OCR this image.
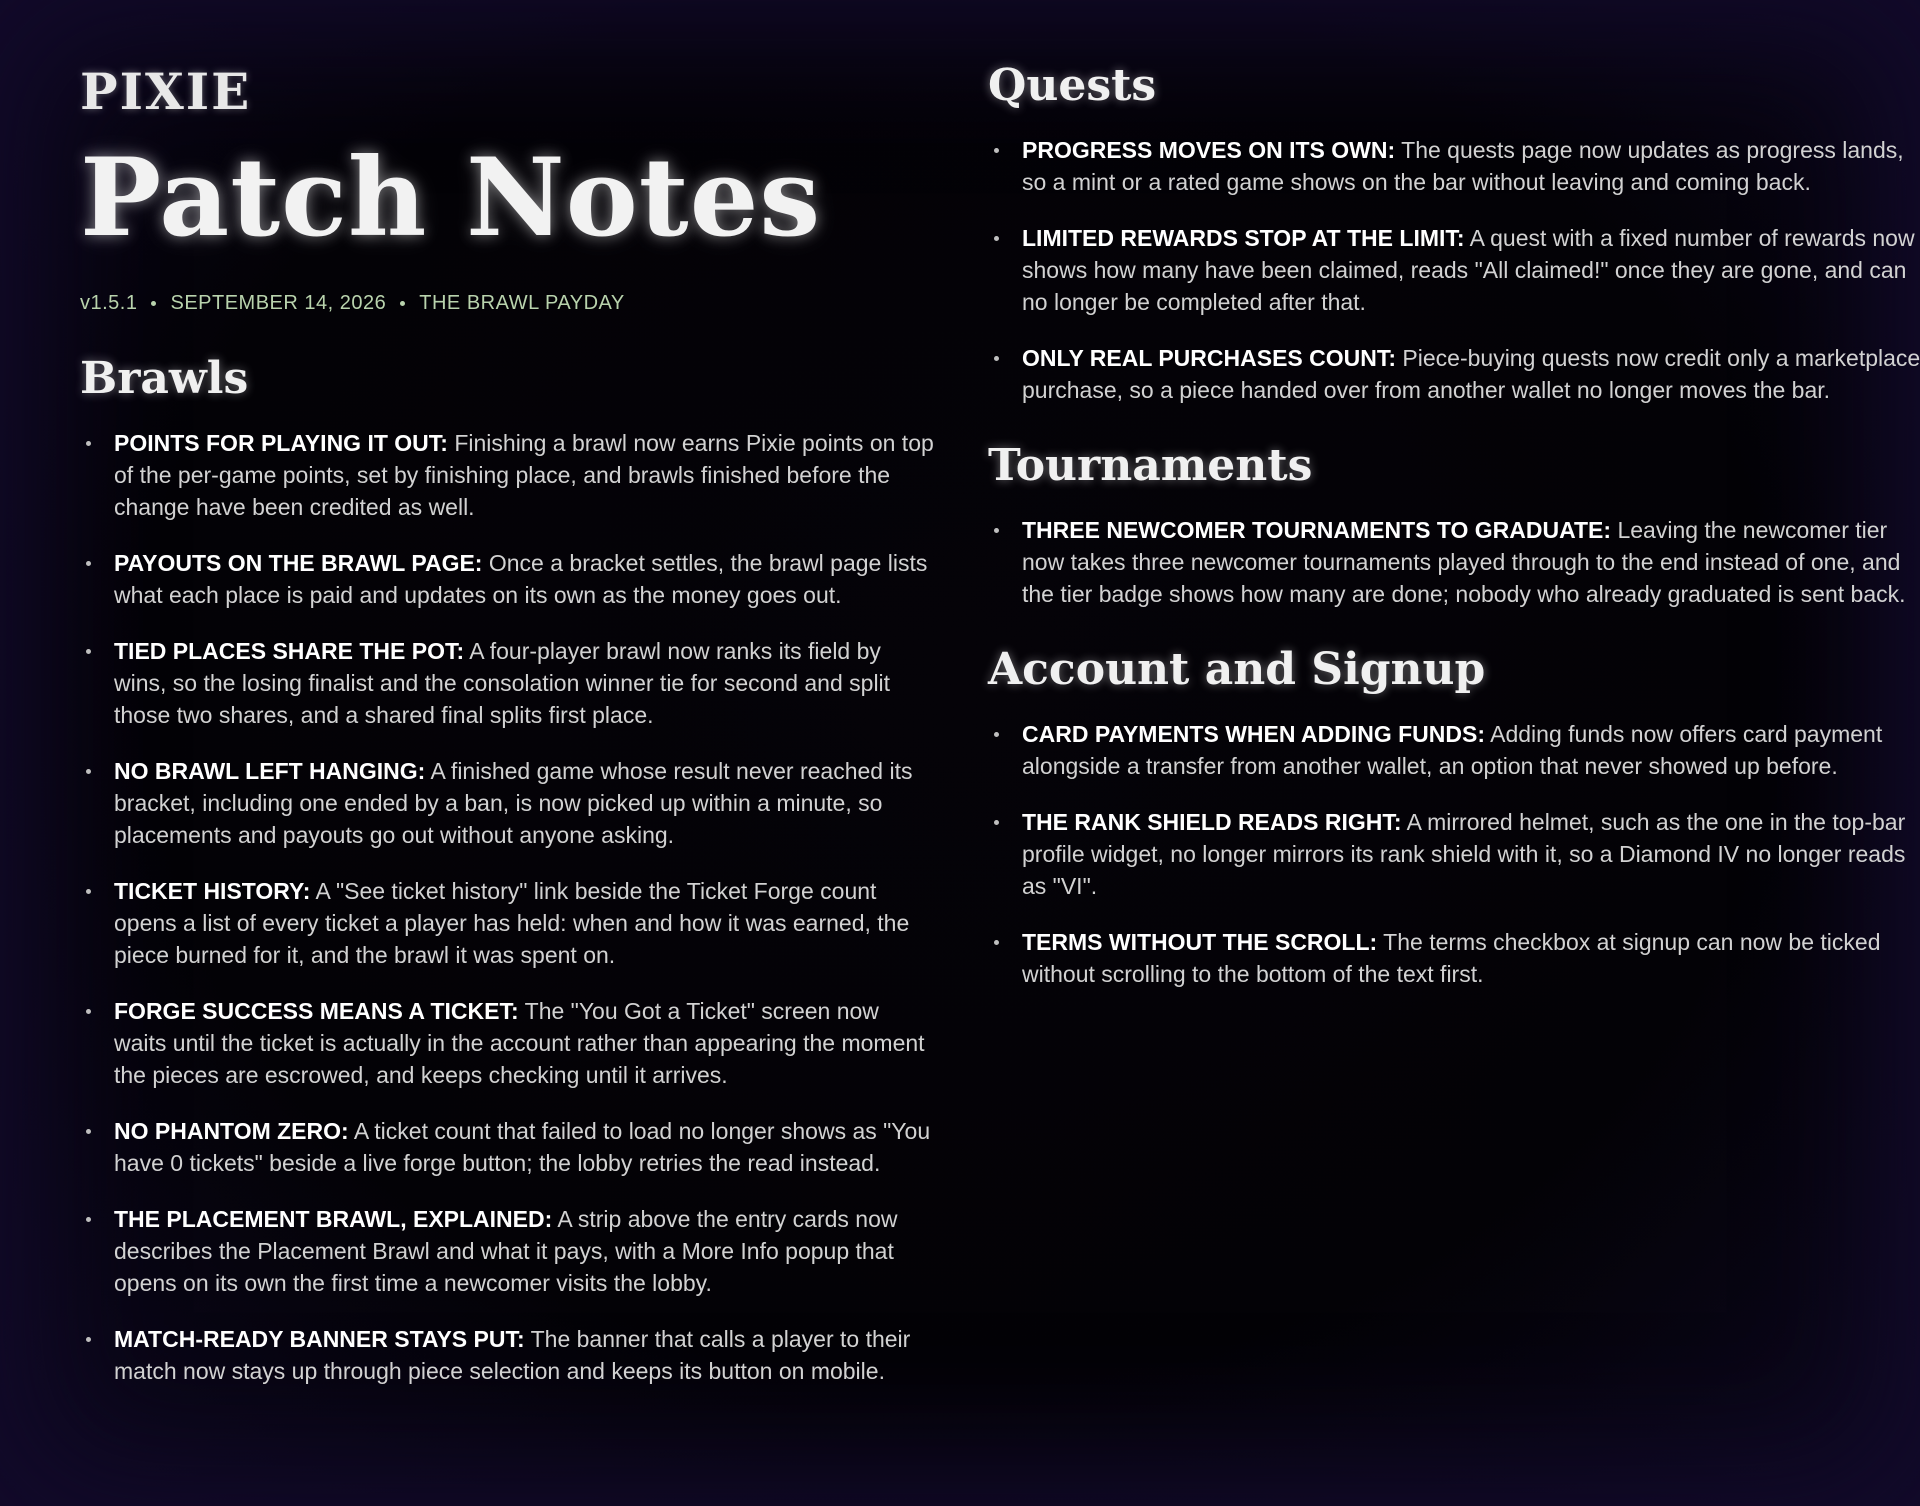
PIXIE
Patch Notes
v1.5.1 SEPTEMBER 14, 2026 THE BRAWL PAYDAY
Brawls
POINTS FOR PLAYING IT OUT: Finishing a brawl now earns Pixie points on top of the per-game points, set by finishing place, and brawls finished before the change have been credited as well.
PAYOUTS ON THE BRAWL PAGE: Once a bracket settles, the brawl page lists what each place is paid and updates on its own as the money goes out.
TIED PLACES SHARE THE POT: A four-player brawl now ranks its field by wins, so the losing finalist and the consolation winner tie for second and split those two shares, and a shared final splits first place.
NO BRAWL LEFT HANGING: A finished game whose result never reached its bracket, including one ended by a ban, is now picked up within a minute, so placements and payouts go out without anyone asking.
TICKET HISTORY: A "See ticket history" link beside the Ticket Forge count opens a list of every ticket a player has held: when and how it was earned, the piece burned for it, and the brawl it was spent on.
FORGE SUCCESS MEANS A TICKET: The "You Got a Ticket" screen now waits until the ticket is actually in the account rather than appearing the moment the pieces are escrowed, and keeps checking until it arrives.
NO PHANTOM ZERO: A ticket count that failed to load no longer shows as "You have 0 tickets" beside a live forge button; the lobby retries the read instead.
THE PLACEMENT BRAWL, EXPLAINED: A strip above the entry cards now describes the Placement Brawl and what it pays, with a More Info popup that opens on its own the first time a newcomer visits the lobby.
MATCH-READY BANNER STAYS PUT: The banner that calls a player to their match now stays up through piece selection and keeps its button on mobile.
Quests
PROGRESS MOVES ON ITS OWN: The quests page now updates as progress lands, so a mint or a rated game shows on the bar without leaving and coming back.
LIMITED REWARDS STOP AT THE LIMIT: A quest with a fixed number of rewards now shows how many have been claimed, reads "All claimed!" once they are gone, and can no longer be completed after that.
ONLY REAL PURCHASES COUNT: Piece-buying quests now credit only a marketplace purchase, so a piece handed over from another wallet no longer moves the bar.
Tournaments
THREE NEWCOMER TOURNAMENTS TO GRADUATE: Leaving the newcomer tier now takes three newcomer tournaments played through to the end instead of one, and the tier badge shows how many are done; nobody who already graduated is sent back.
Account and Signup
CARD PAYMENTS WHEN ADDING FUNDS: Adding funds now offers card payment alongside a transfer from another wallet, an option that never showed up before.
THE RANK SHIELD READS RIGHT: A mirrored helmet, such as the one in the top-bar profile widget, no longer mirrors its rank shield with it, so a Diamond IV no longer reads as "VI".
TERMS WITHOUT THE SCROLL: The terms checkbox at signup can now be ticked without scrolling to the bottom of the text first.
